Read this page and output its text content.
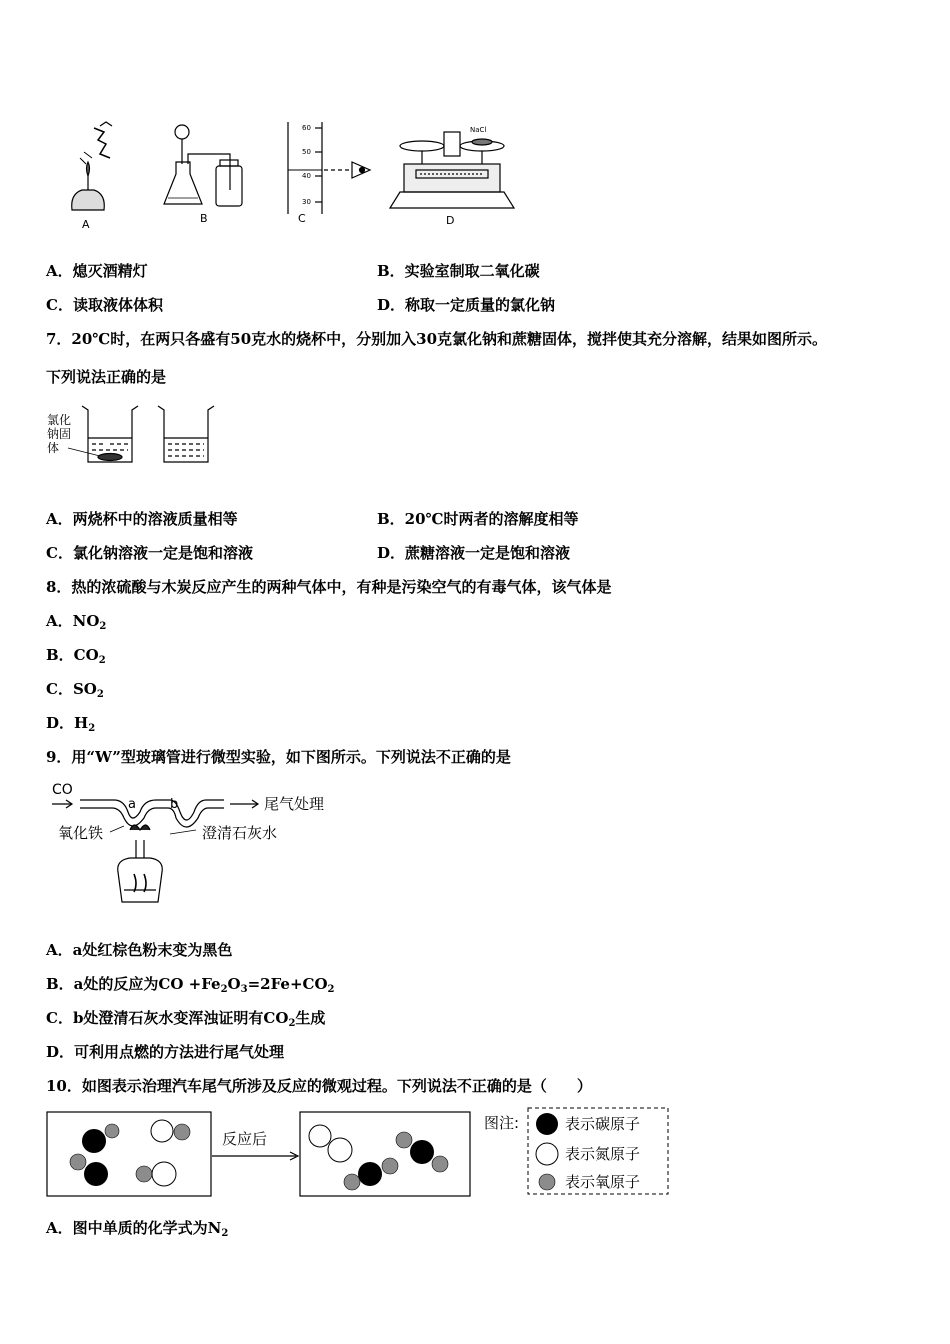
A	B
60
50
40
30
C
NaCl
D
A．熄灭酒精灯	B．实验室制取二氧化碳
C．读取液体体积	D．称取一定质量的氯化钠
7．20℃时，在两只各盛有50克水的烧杯中，分别加入30克氯化钠和蔗糖固体，搅拌使其充分溶解，结果如图所示。
下列说法正确的是
氯化
钠固
体
A．两烧杯中的溶液质量相等	B．20℃时两者的溶解度相等
C．氯化钠溶液一定是饱和溶液	D．蔗糖溶液一定是饱和溶液
8．热的浓硫酸与木炭反应产生的两种气体中，有种是污染空气的有毒气体，该气体是
A．$NO_2$
B．$CO_2$
C．$SO_2$
D．$H_2$
9．用“W”型玻璃管进行微型实验，如下图所示。下列说法不正确的是
CO
a	b	尾气处理
氧化铁	澄清石灰水
A．a处红棕色粉末变为黑色
B．a处的反应为CO $+Fe_2O_3=2Fe+CO_2$
C．b处澄清石灰水变浑浊证明有$CO_2$生成
D．可利用点燃的方法进行尾气处理
10．如图表示治理汽车尾气所涉及反应的微观过程。下列说法不正确的是（　　）
反应后
图注:	表示碳原子
表示氮原子
表示氧原子
A．图中单质的化学式为$N_2$
